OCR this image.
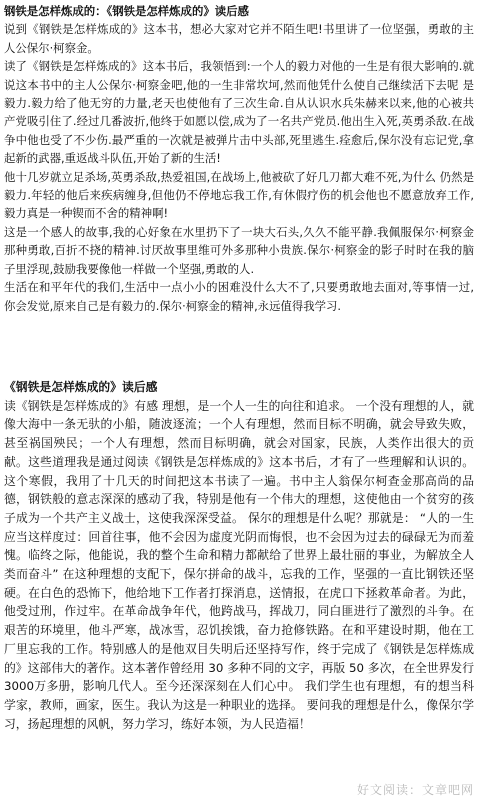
钢铁是怎样炼成的：《钢铁是怎样炼成的》读后感

说到《钢铁是怎样炼成的》这本书，想必大家对它并不陌生吧!书里讲了一位坚强，勇敢的主人公保尔·柯察金。

读了《钢铁是怎样炼成的》这本书后，我领悟到:一个人的毅力对他的一生是有很大影响的.就说这本书中的主人公保尔·柯察金吧,他的一生非常坎坷,然而他凭什么使自己继续活下去呢 是毅力.毅力给了他无穷的力量,老天也使他有了三次生命.自从认识水兵朱赫来以来,他的心被共产党吸引住了.经过几番波折,他终于如愿以偿,成为了一名共产党员.他出生入死,英勇杀敌.在战争中他也受了不少伤.最严重的一次就是被弹片击中头部,死里逃生.痊愈后,保尔没有忘记党,拿起新的武器,重返战斗队伍,开始了新的生活!

他十几岁就立足杀场,英勇杀敌,热爱祖国,在战场上,他被砍了好几刀都大难不死,为什么 仍然是毅力.年轻的他后来疾病缠身,但他仍不停地忘我工作,有休假疗伤的机会他也不愿意放弃工作,毅力真是一种锲而不舍的精神啊!

这是一个感人的故事,我的心好象在水里扔下了一块大石头,久久不能平静.我佩服保尔·柯察金那种勇敢,百折不挠的精神.讨厌故事里维可外多那种小贵族.保尔·柯察金的影子时时在我的脑子里浮现,鼓励我要像他一样做一个坚强,勇敢的人.

生活在和平年代的我们,生活中一点小小的困难没什么大不了,只要勇敢地去面对,等事情一过,你会发觉,原来自己是有毅力的.保尔·柯察金的精神,永远值得我学习.

《钢铁是怎样炼成的》读后感

读《钢铁是怎样炼成的》有感 理想，是一个人一生的向往和追求。 一个没有理想的人，就像大海中一条无驮的小船，随波逐流；一个人有理想，然而目标不明确，就会导致失败，甚至祸国殃民；一个人有理想，然而目标明确，就会对国家，民族，人类作出很大的贡献。这些道理我是通过阅读《钢铁是怎样炼成的》这本书后，才有了一些理解和认识的。 这个寒假，我用了十几天的时间把这本书读了一遍。书中主人翁保尔柯查金那高尚的品德，钢铁般的意志深深的感动了我，特别是他有一个伟大的理想，这使他由一个贫穷的孩子成为一个共产主义战士，这使我深深受益。 保尔的理想是什么呢？那就是： “人的一生应当这样度过：回首往事，他不会因为虚度光阴而悔恨，也不会因为过去的碌碌无为而羞愧。临终之际，他能说，我的整个生命和精力都献给了世界上最壮丽的事业，为解放全人类而奋斗” 在这种理想的支配下，保尔拼命的战斗，忘我的工作，坚强的一直比钢铁还坚硬。在白色的恐怖下，他给地下工作者打探消息，送情报，在虎口下拯救革命者。为此，他受过刑，作过牢。在革命战争年代，他跨战马，挥战刀，同白匪进行了激烈的斗争。在艰苦的环境里，他斗严寒，战冰雪，忍饥挨饿，奋力抢修铁路。在和平建设时期，他在工厂里忘我的工作。特别感人的是他双目失明后还坚持写作，终于完成了《钢铁是怎样炼成的》这部伟大的著作。这本著作曾经用 30 多种不同的文字，再版 50 多次，在全世界发行 3000万多册，影响几代人。至今还深深刻在人们心中。 我们学生也有理想，有的想当科学家，教师，画家，医生。我认为这是一种职业的选择。 要问我的理想是什么，像保尔学习，扬起理想的风帆，努力学习，练好本领，为人民造福！

好文阅读：文章吧网
